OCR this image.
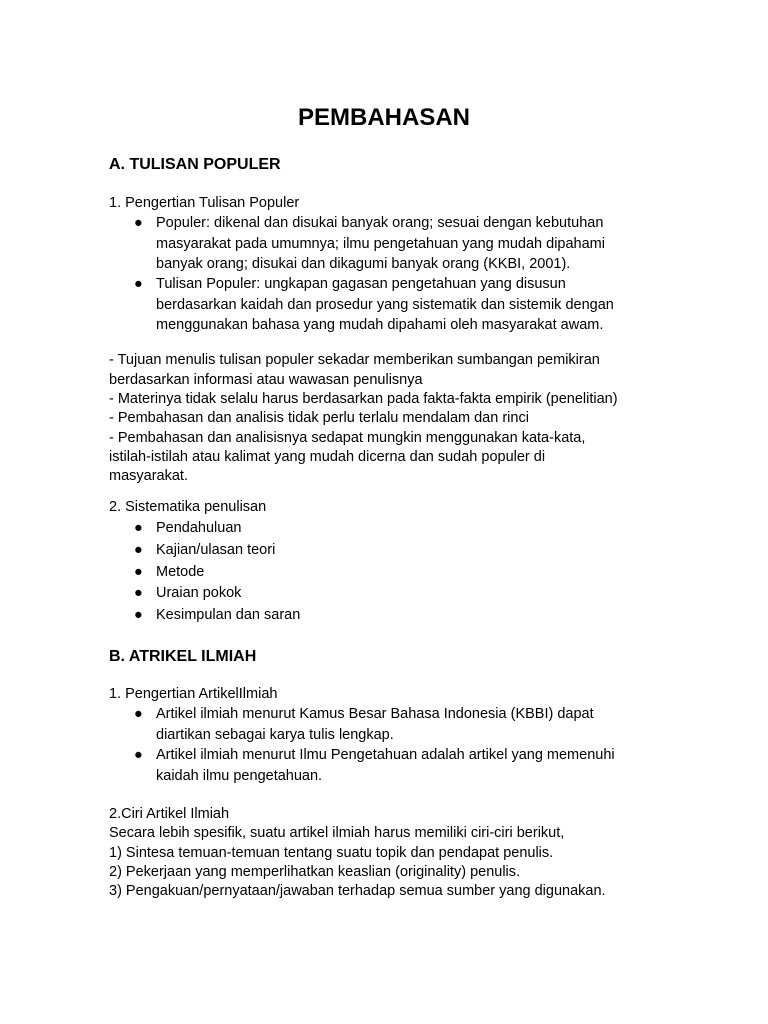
PEMBAHASAN
A. TULISAN POPULER
1. Pengertian Tulisan Populer
● Populer: dikenal dan disukai banyak orang; sesuai dengan kebutuhan
masyarakat pada umumnya; ilmu pengetahuan yang mudah dipahami
banyak orang; disukai dan dikagumi banyak orang (KKBI, 2001).
● Tulisan Populer: ungkapan gagasan pengetahuan yang disusun
berdasarkan kaidah dan prosedur yang sistematik dan sistemik dengan
menggunakan bahasa yang mudah dipahami oleh masyarakat awam.
- Tujuan menulis tulisan populer sekadar memberikan sumbangan pemikiran
berdasarkan informasi atau wawasan penulisnya
- Materinya tidak selalu harus berdasarkan pada fakta-fakta empirik (penelitian)
- Pembahasan dan analisis tidak perlu terlalu mendalam dan rinci
- Pembahasan dan analisisnya sedapat mungkin menggunakan kata-kata,
istilah-istilah atau kalimat yang mudah dicerna dan sudah populer di
masyarakat.
2. Sistematika penulisan
● Pendahuluan
● Kajian/ulasan teori
● Metode
● Uraian pokok
● Kesimpulan dan saran
B. ATRIKEL ILMIAH
1. Pengertian ArtikelIlmiah
● Artikel ilmiah menurut Kamus Besar Bahasa Indonesia (KBBI) dapat
diartikan sebagai karya tulis lengkap.
● Artikel ilmiah menurut Ilmu Pengetahuan adalah artikel yang memenuhi
kaidah ilmu pengetahuan.
2.Ciri Artikel Ilmiah
Secara lebih spesifik, suatu artikel ilmiah harus memiliki ciri-ciri berikut,
1) Sintesa temuan-temuan tentang suatu topik dan pendapat penulis.
2) Pekerjaan yang memperlihatkan keaslian (originality) penulis.
3) Pengakuan/pernyataan/jawaban terhadap semua sumber yang digunakan.
